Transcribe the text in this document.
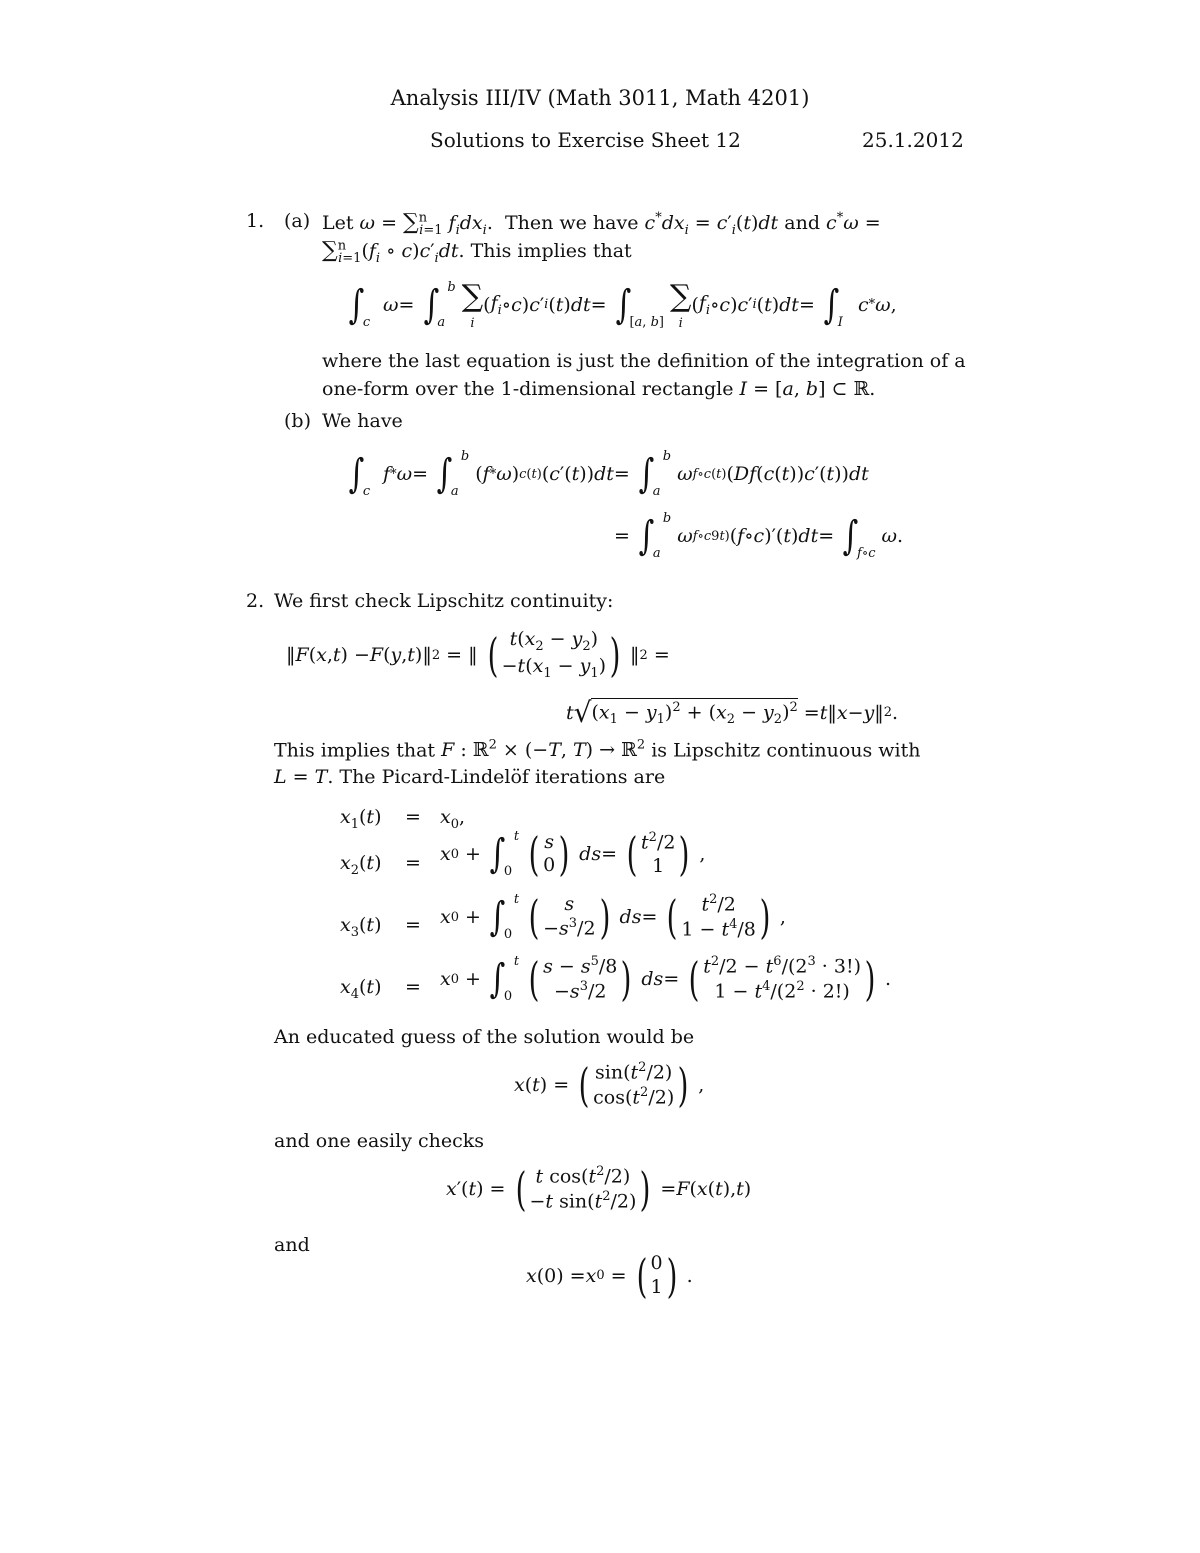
Analysis III/IV (Math 3011, Math 4201)
Solutions to Exercise Sheet 12	25.1.2012
1. (a) Let ω = ∑$^n_{i=1}$ $f_idx_i$.  Then we have $c^*dx_i = c'_i(t)dt$ and c*ω =
$\sum^n_{i=1}(f_i$ ∘ $c)c'_idt$. This implies that
∫

c

ω = ∫ b
a

∑
i
( $f_i$ ∘ c ) c ′ i ( t ) dt = ∫

[a, b]

∑
i
( $f_i$ ∘ c ) c ′ i ( t ) dt = ∫

I

c * ω ,
where the last equation is just the definition of the integration of a
one-form over the 1-dimensional rectangle I = [a, b] ⊂ ℝ.
(b) We have
∫

c

f * ω = ∫ b
a
( f * ω ) c(t) ( c ′( t )) dt = ∫ b
a

ω f∘c(t) ( Df ( c ( t )) c ′( t )) dt
= ∫ b
a

ω f∘c9t) ( f ∘ c )′( t ) dt = ∫

f∘c

ω .
2. We first check Lipschitz continuity:
‖ F ( x , t ) − F ( y , t )‖ 2 = ‖ ( $t(x_2 - y_2)$
$-t(x_1 - y_1)$ ) ‖ 2 =
t √ $(x_1 - y_1)^2 + (x_2 - y_2)^2 = t$ ‖ x − y ‖ 2 .
This implies that F : ℝ$^2$ × (−T, T) → ℝ$^2$ is Lipschitz continuous with
L = T. The Picard-Lindelöf iterations are
$x_1(t) = x_0$,
$x_2(t) = x$ 0 + ∫ t
0
( s
0 )
ds = ( $t^2/2$
1 ) ,
$x_3(t) = x$ 0 + ∫ t
0
( s
$-s^3/2$ )
ds = ( $t^2/2$
$1 - t^4/8$ ) ,
$x_4(t) = x$ 0 + ∫ t
0
( $s - s^5/8$
$-s^3/2$ )
ds = ( $t^2/2 - t^6/(2^3 \cdot 3!)$
$1 - t^4/(2^2 \cdot 2!)$ ) .
An educated guess of the solution would be
x ( t ) = ( $\sin(t^2/2)$
$\cos(t^2/2)$ ) ,
and one easily checks
x ′( t ) = ( t $\cos(t^2/2)$
−t $\sin(t^2/2)$ ) = F ( x ( t ), t )
and
x (0) = x 0 = ( 0
1 ) .
